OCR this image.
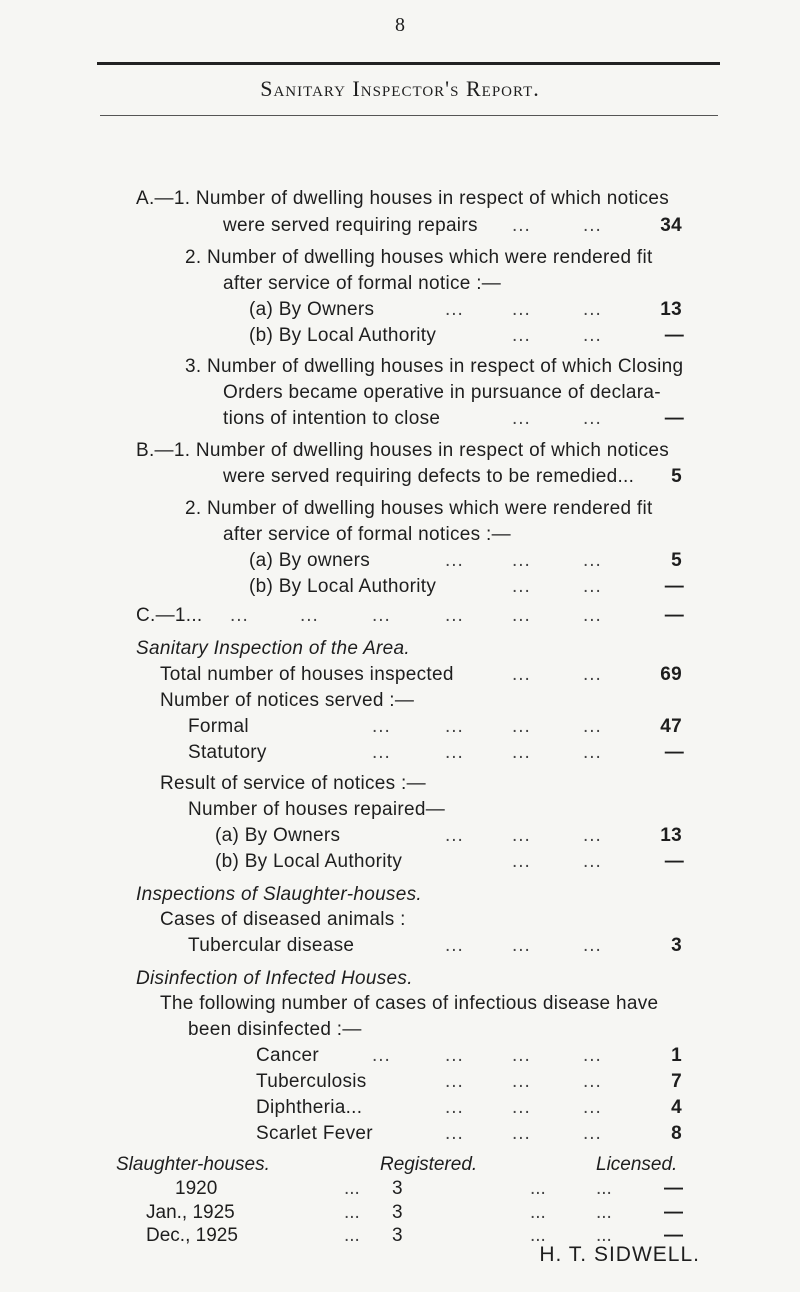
8
Sanitary Inspector's Report.
A.—1. Number of dwelling houses in respect of which notices
were served requiring repairs ...	...	34
2. Number of dwelling houses which were rendered fit
after service of formal notice :—
(a) By Owners	...	...	...	13
(b) By Local Authority	...	...	—
3. Number of dwelling houses in respect of which Closing
Orders became operative in pursuance of declara-
tions of intention to close	...	...	—
B.—1. Number of dwelling houses in respect of which notices
were served requiring defects to be remedied... 5
2. Number of dwelling houses which were rendered fit
after service of formal notices :—
(a) By owners	...	...	...	5
(b) By Local Authority	...	...	—
C.—1... ...	...	...	...	...	...	—
Sanitary Inspection of the Area.
Total number of houses inspected	...	...	69
Number of notices served :—
Formal	...	...	...	...	47
Statutory	...	...	...	...	—
Result of service of notices :—
Number of houses repaired—
(a) By Owners	...	...	...	13
(b) By Local Authority	...	...	—
Inspections of Slaughter-houses.
Cases of diseased animals :
Tubercular disease	...	...	...	3
Disinfection of Infected Houses.
The following number of cases of infectious disease have
been disinfected :—
Cancer	...	...	...	...	1
Tuberculosis	...	...	...	7
Diphtheria...	...	...	...	4
Scarlet Fever	...	...	...	8
Slaughter-houses.	Registered.	Licensed.
1920	... 3	...	...	—
Jan., 1925	... 3	...	...	—
Dec., 1925	... 3	...	...	—
H. T. SIDWELL.
